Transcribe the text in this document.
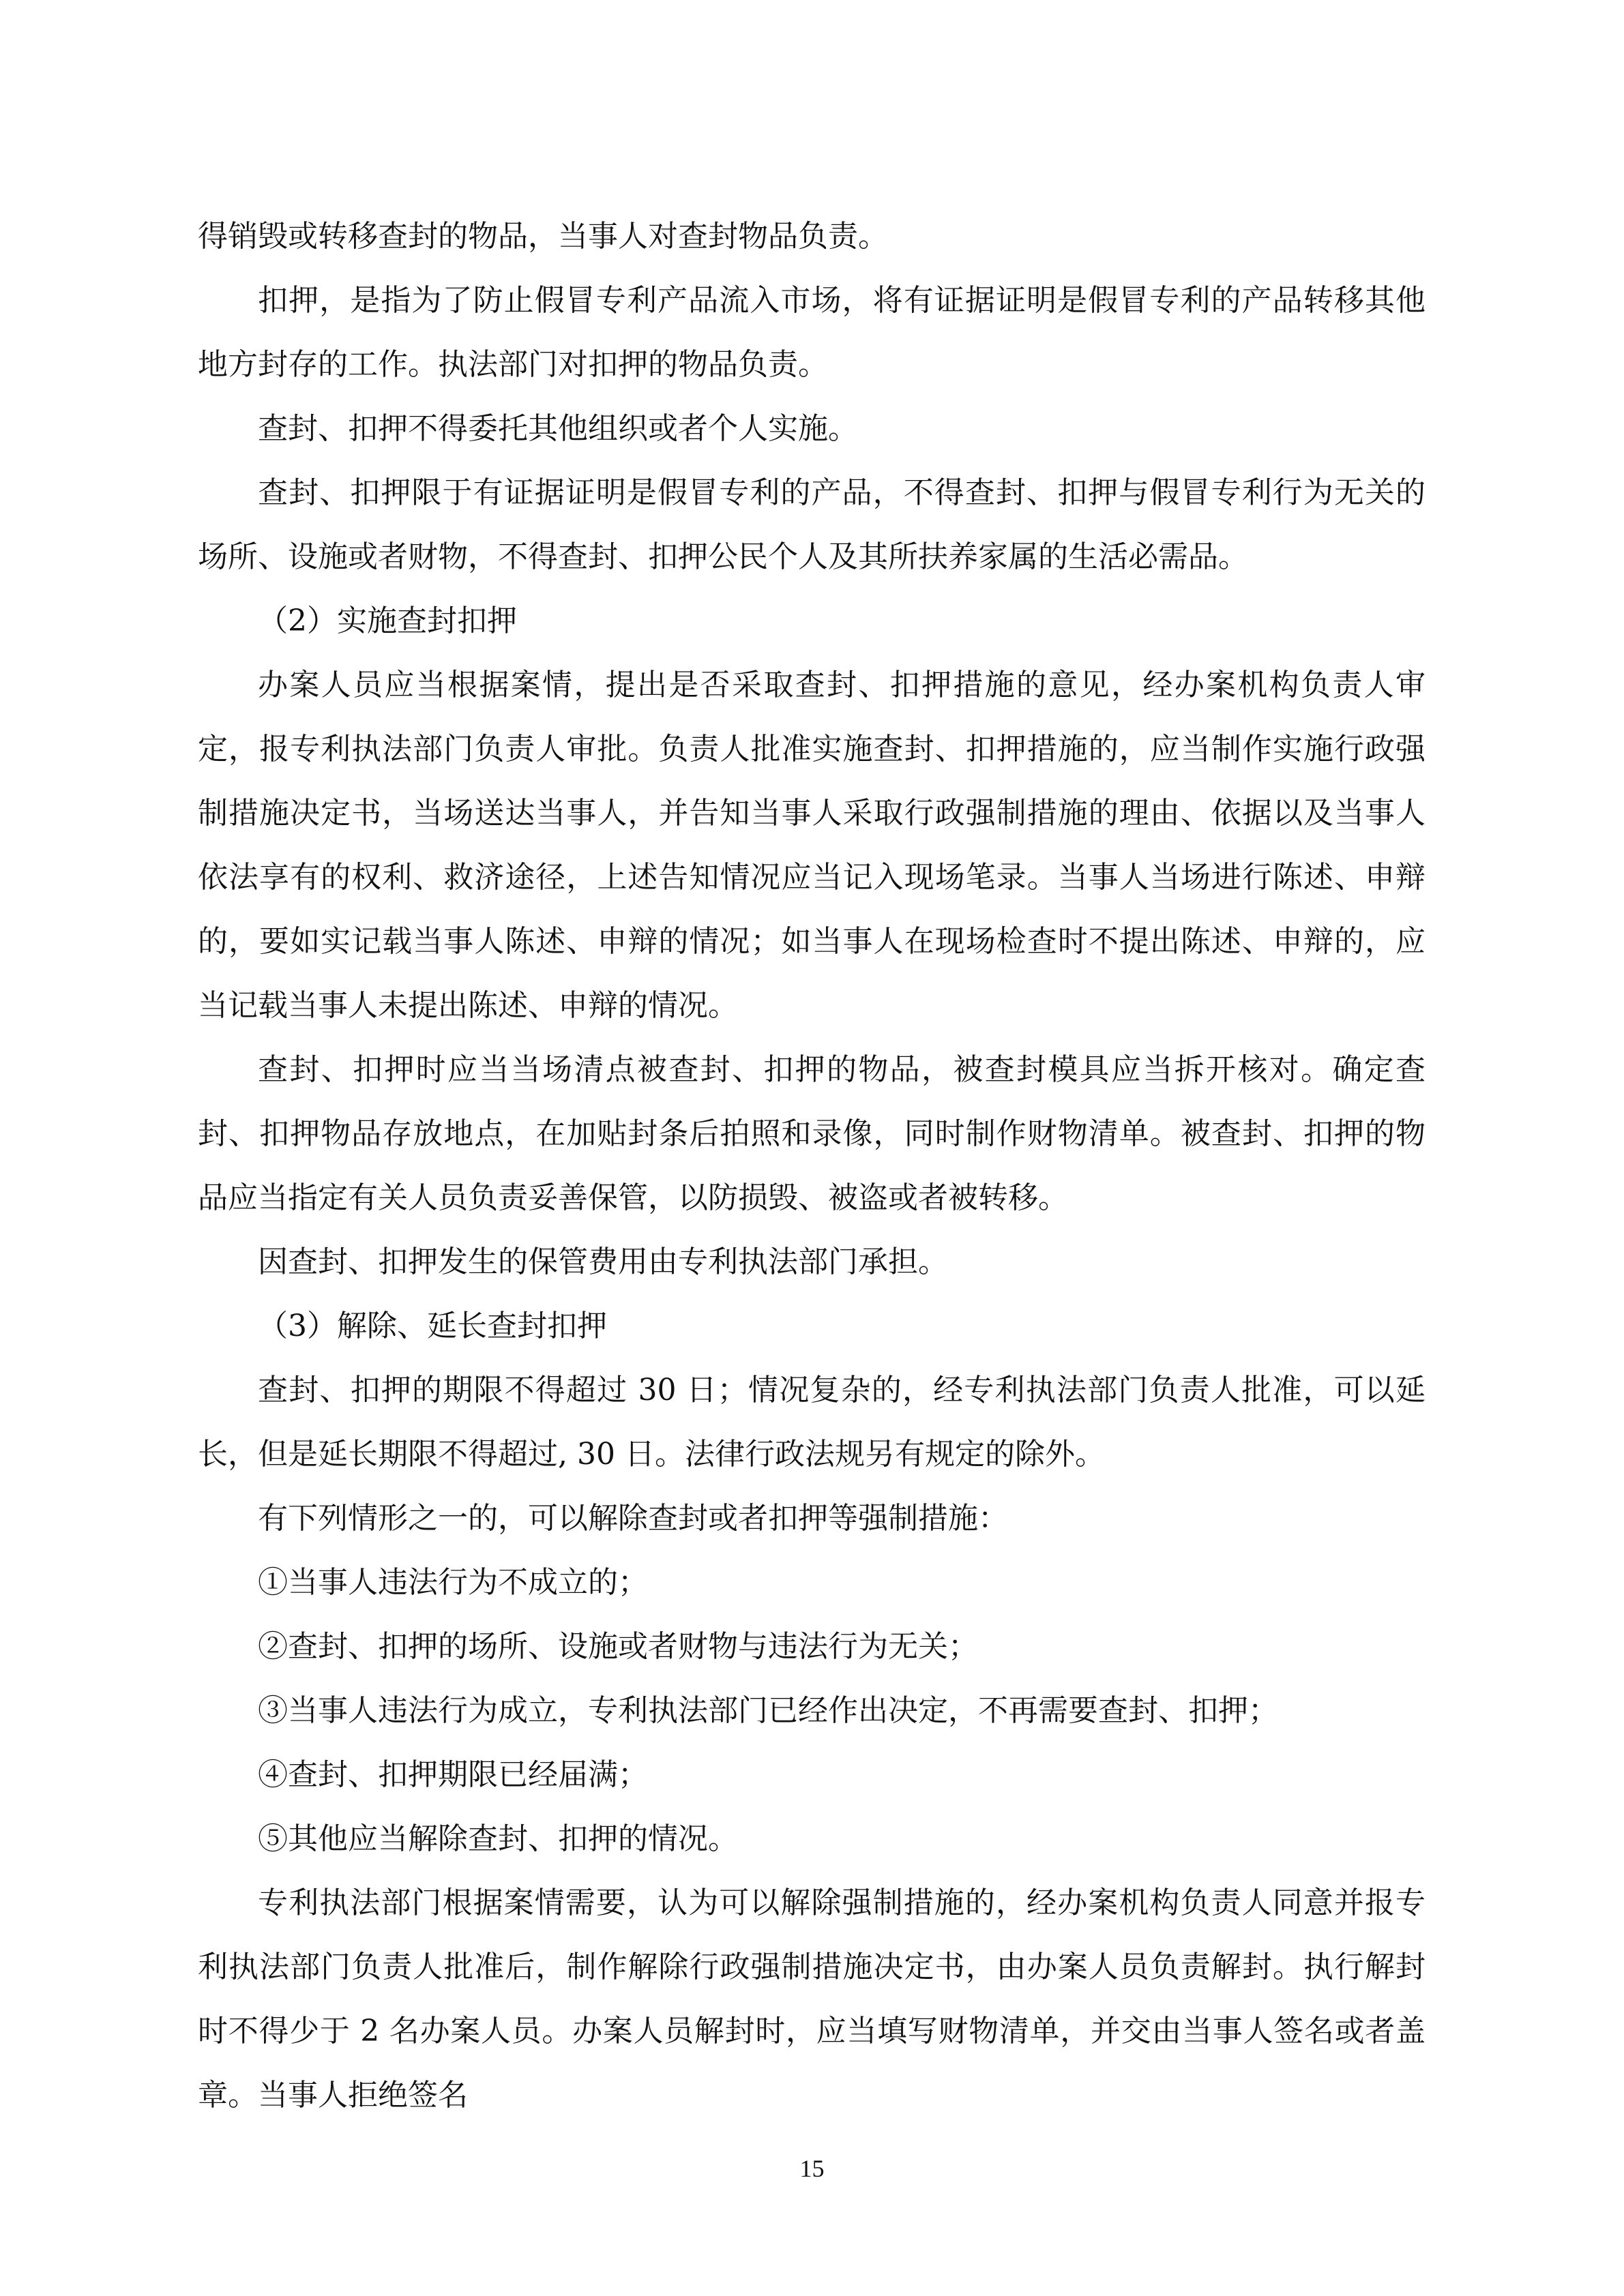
得销毁或转移查封的物品，当事人对查封物品负责。

扣押，是指为了防止假冒专利产品流入市场，将有证据证明是假冒专利的产品转移其他地方封存的工作。执法部门对扣押的物品负责。

查封、扣押不得委托其他组织或者个人实施。

查封、扣押限于有证据证明是假冒专利的产品，不得查封、扣押与假冒专利行为无关的场所、设施或者财物，不得查封、扣押公民个人及其所扶养家属的生活必需品。

（2）实施查封扣押

办案人员应当根据案情，提出是否采取查封、扣押措施的意见，经办案机构负责人审定，报专利执法部门负责人审批。负责人批准实施查封、扣押措施的，应当制作实施行政强制措施决定书，当场送达当事人，并告知当事人采取行政强制措施的理由、依据以及当事人依法享有的权利、救济途径，上述告知情况应当记入现场笔录。当事人当场进行陈述、申辩的，要如实记载当事人陈述、申辩的情况；如当事人在现场检查时不提出陈述、申辩的，应当记载当事人未提出陈述、申辩的情况。

查封、扣押时应当当场清点被查封、扣押的物品，被查封模具应当拆开核对。确定查封、扣押物品存放地点，在加贴封条后拍照和录像，同时制作财物清单。被查封、扣押的物品应当指定有关人员负责妥善保管，以防损毁、被盗或者被转移。

因查封、扣押发生的保管费用由专利执法部门承担。

（3）解除、延长查封扣押

查封、扣押的期限不得超过 30 日；情况复杂的，经专利执法部门负责人批准，可以延长，但是延长期限不得超过, 30 日。法律行政法规另有规定的除外。

有下列情形之一的，可以解除查封或者扣押等强制措施：

①当事人违法行为不成立的；

②查封、扣押的场所、设施或者财物与违法行为无关；

③当事人违法行为成立，专利执法部门已经作出决定，不再需要查封、扣押；

④查封、扣押期限已经届满；

⑤其他应当解除查封、扣押的情况。

专利执法部门根据案情需要，认为可以解除强制措施的，经办案机构负责人同意并报专利执法部门负责人批准后，制作解除行政强制措施决定书，由办案人员负责解封。执行解封时不得少于 2 名办案人员。办案人员解封时，应当填写财物清单，并交由当事人签名或者盖章。当事人拒绝签名

15
